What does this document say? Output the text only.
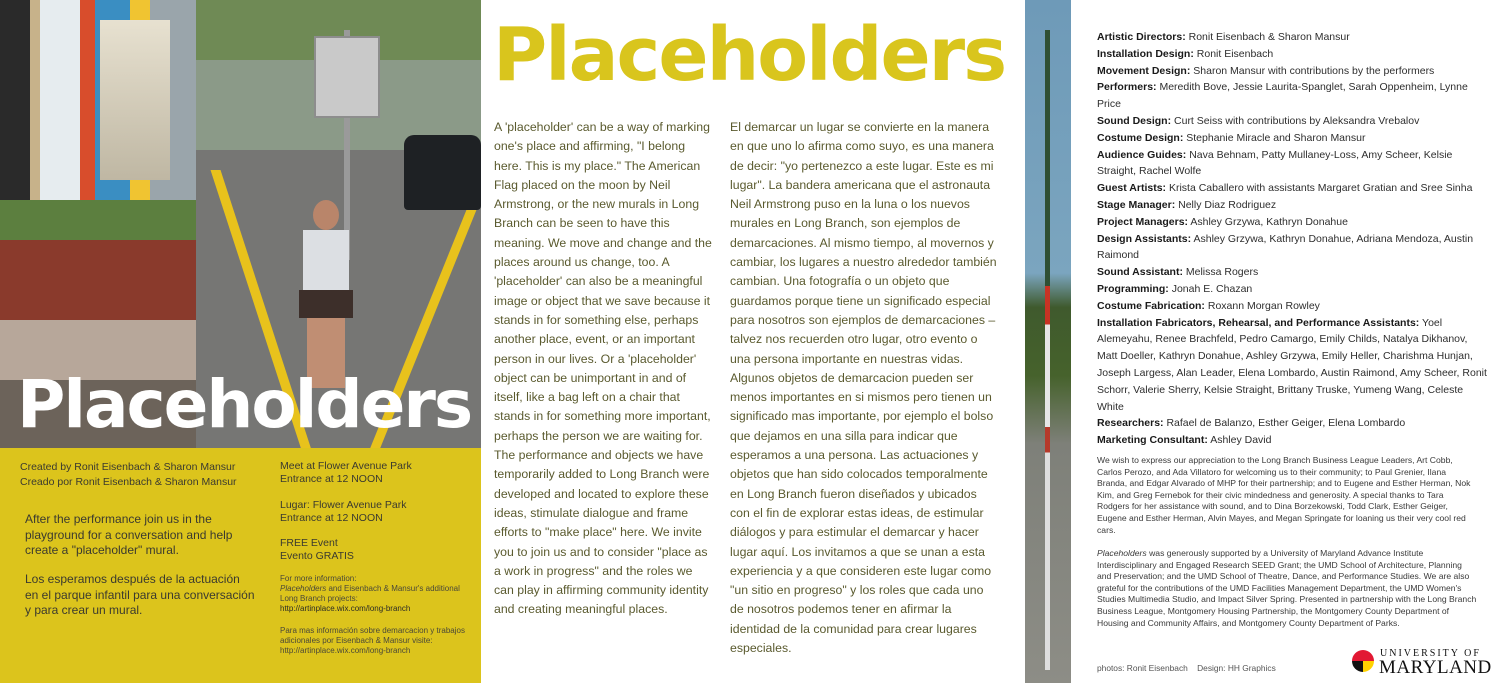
Placeholders
Created by Ronit Eisenbach & Sharon Mansur
Creado por Ronit Eisenbach & Sharon Mansur

After the performance join us in the playground for a conversation and help create a "placeholder" mural.

Los esperamos después de la actuación en el parque infantil para una conversación y para crear un mural.

Meet at Flower Avenue Park
Entrance at 12 NOON

Lugar: Flower Avenue Park
Entrance at 12 NOON

FREE Event
Evento GRATIS

For more information:
Placeholders and Eisenbach & Mansur's additional Long Branch projects:
http://artinplace.wix.com/long-branch

Para mas información sobre demarcacion y trabajos adicionales por Eisenbach & Mansur visite:
http://artinplace.wix.com/long-branch

Placeholders

A 'placeholder' can be a way of marking one's place and affirming, "I belong here. This is my place." The American Flag placed on the moon by Neil Armstrong, or the new murals in Long Branch can be seen to have this meaning. We move and change and the places around us change, too. A 'placeholder' can also be a meaningful image or object that we save because it stands in for something else, perhaps another place, event, or an important person in our lives. Or a 'placeholder' object can be unimportant in and of itself, like a bag left on a chair that stands in for something more important, perhaps the person we are waiting for. The performance and objects we have temporarily added to Long Branch were developed and located to explore these ideas, stimulate dialogue and frame efforts to "make place" here. We invite you to join us and to consider "place as a work in progress" and the roles we can play in affirming community identity and creating meaningful places.

El demarcar un lugar se convierte en la manera en que uno lo afirma como suyo, es una manera de decir: "yo pertenezco a este lugar. Este es mi lugar". La bandera americana que el astronauta Neil Armstrong puso en la luna o los nuevos murales en Long Branch, son ejemplos de demarcaciones. Al mismo tiempo, al movernos y cambiar, los lugares a nuestro alrededor también cambian. Una fotografía o un objeto que guardamos porque tiene un significado especial para nosotros son ejemplos de demarcaciones – talvez nos recuerden otro lugar, otro evento o una persona importante en nuestras vidas. Algunos objetos de demarcacion pueden ser menos importantes en si mismos pero tienen un significado mas importante, por ejemplo el bolso que dejamos en una silla para indicar que esperamos a una persona. Las actuaciones y objetos que han sido colocados temporalmente en Long Branch fueron diseñados y ubicados con el fin de explorar estas ideas, de estimular diálogos y para estimular el demarcar y hacer lugar aquí. Los invitamos a que se unan a esta experiencia y a que consideren este lugar como "un sitio en progreso" y los roles que cada uno de nosotros podemos tener en afirmar la identidad de la comunidad para crear lugares especiales.

Artistic Directors: Ronit Eisenbach & Sharon Mansur
Installation Design: Ronit Eisenbach
Movement Design: Sharon Mansur with contributions by the performers
Performers: Meredith Bove, Jessie Laurita-Spanglet, Sarah Oppenheim, Lynne Price
Sound Design: Curt Seiss with contributions by Aleksandra Vrebalov
Costume Design: Stephanie Miracle and Sharon Mansur
Audience Guides: Nava Behnam, Patty Mullaney-Loss, Amy Scheer, Kelsie Straight, Rachel Wolfe
Guest Artists: Krista Caballero with assistants Margaret Gratian and Sree Sinha
Stage Manager: Nelly Diaz Rodriguez
Project Managers: Ashley Grzywa, Kathryn Donahue
Design Assistants: Ashley Grzywa, Kathryn Donahue, Adriana Mendoza, Austin Raimond
Sound Assistant: Melissa Rogers
Programming: Jonah E. Chazan
Costume Fabrication: Roxann Morgan Rowley
Installation Fabricators, Rehearsal, and Performance Assistants: Yoel Alemeyahu, Renee Brachfeld, Pedro Camargo, Emily Childs, Natalya Dikhanov, Matt Doeller, Kathryn Donahue, Ashley Grzywa, Emily Heller, Charishma Hunjan, Joseph Largess, Alan Leader, Elena Lombardo, Austin Raimond, Amy Scheer, Ronit Schorr, Valerie Sherry, Kelsie Straight, Brittany Truske, Yumeng Wang, Celeste White
Researchers: Rafael de Balanzo, Esther Geiger, Elena Lombardo
Marketing Consultant: Ashley David

We wish to express our appreciation to the Long Branch Business League Leaders, Art Cobb, Carlos Perozo, and Ada Villatoro for welcoming us to their community; to Paul Grenier, Ilana Branda, and Edgar Alvarado of MHP for their partnership; and to Eugene and Esther Herman, Nok Kim, and Greg Fernebok for their civic mindedness and generosity. A special thanks to Tara Rodgers for her assistance with sound, and to Dina Borzekowski, Todd Clark, Esther Geiger, Eugene and Esther Herman, Alvin Mayes, and Megan Springate for loaning us their very cool red cars.

Placeholders was generously supported by a University of Maryland Advance Institute Interdisciplinary and Engaged Research SEED Grant; the UMD School of Architecture, Planning and Preservation; and the UMD School of Theatre, Dance, and Performance Studies. We are also grateful for the contributions of the UMD Facilities Management Department, the UMD Women's Studies Multimedia Studio, and Impact Silver Spring. Presented in partnership with the Long Branch Business League, Montgomery Housing Partnership, the Montgomery County Department of Housing and Community Affairs, and Montgomery County Department of Parks.

photos: Ronit Eisenbach Design: HH Graphics
UNIVERSITY OF
MARYLAND
